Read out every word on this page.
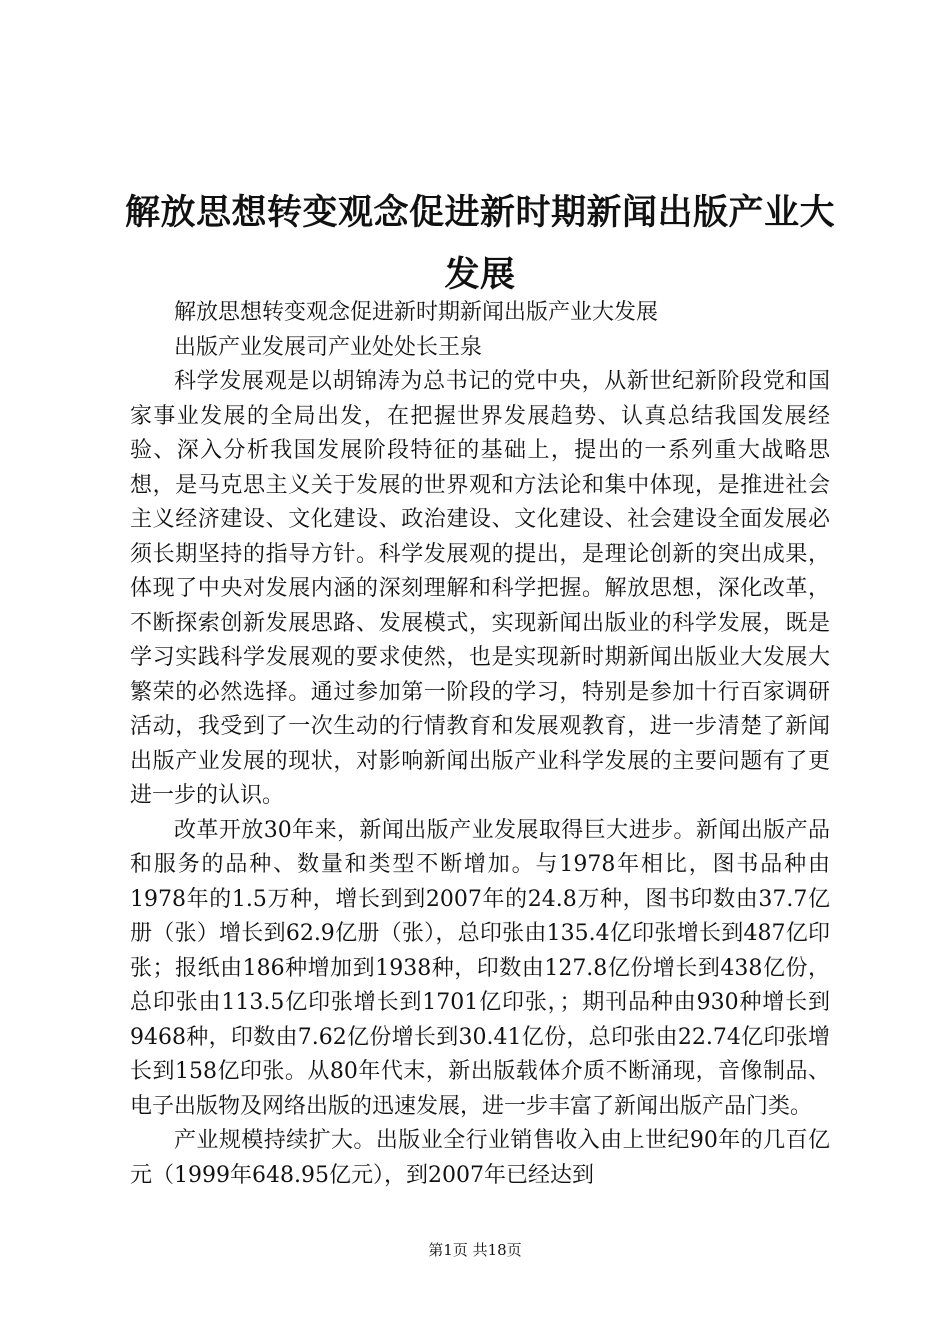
解放思想转变观念促进新时期新闻出版产业大发展

解放思想转变观念促进新时期新闻出版产业大发展

出版产业发展司产业处处长王泉

科学发展观是以胡锦涛为总书记的党中央，从新世纪新阶段党和国家事业发展的全局出发，在把握世界发展趋势、认真总结我国发展经验、深入分析我国发展阶段特征的基础上，提出的一系列重大战略思想，是马克思主义关于发展的世界观和方法论和集中体现，是推进社会主义经济建设、文化建设、政治建设、文化建设、社会建设全面发展必须长期坚持的指导方针。科学发展观的提出，是理论创新的突出成果，体现了中央对发展内涵的深刻理解和科学把握。解放思想，深化改革，不断探索创新发展思路、发展模式，实现新闻出版业的科学发展，既是学习实践科学发展观的要求使然，也是实现新时期新闻出版业大发展大繁荣的必然选择。通过参加第一阶段的学习，特别是参加十行百家调研活动，我受到了一次生动的行情教育和发展观教育，进一步清楚了新闻出版产业发展的现状，对影响新闻出版产业科学发展的主要问题有了更进一步的认识。

改革开放30年来，新闻出版产业发展取得巨大进步。新闻出版产品和服务的品种、数量和类型不断增加。与1978年相比，图书品种由1978年的1.5万种，增长到到2007年的24.8万种，图书印数由37.7亿册（张）增长到62.9亿册（张），总印张由135.4亿印张增长到487亿印张；报纸由186种增加到1938种，印数由127.8亿份增长到438亿份，总印张由113.5亿印张增长到1701亿印张，；期刊品种由930种增长到9468种，印数由7.62亿份增长到30.41亿份，总印张由22.74亿印张增长到158亿印张。从80年代末，新出版载体介质不断涌现，音像制品、电子出版物及网络出版的迅速发展，进一步丰富了新闻出版产品门类。

产业规模持续扩大。出版业全行业销售收入由上世纪90年的几百亿元（1999年648.95亿元），到2007年已经达到

第1页 共18页
